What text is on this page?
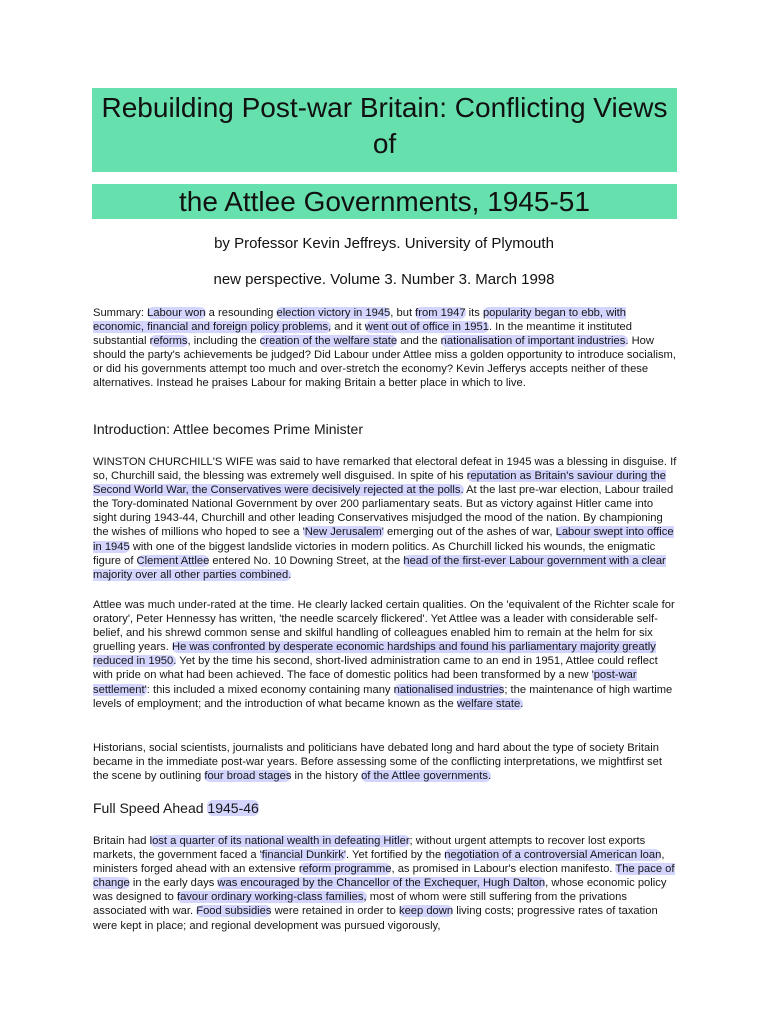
Rebuilding Post-war Britain: Conflicting Views of
the Attlee Governments, 1945-51
by Professor Kevin Jeffreys. University of Plymouth
new perspective. Volume 3. Number 3. March 1998
Summary: Labour won a resounding election victory in 1945, but from 1947 its popularity began to ebb, with economic, financial and foreign policy problems, and it went out of office in 1951. In the meantime it instituted substantial reforms, including the creation of the welfare state and the nationalisation of important industries. How should the party's achievements be judged? Did Labour under Attlee miss a golden opportunity to introduce socialism, or did his governments attempt too much and over-stretch the economy? Kevin Jefferys accepts neither of these alternatives. Instead he praises Labour for making Britain a better place in which to live.
Introduction: Attlee becomes Prime Minister
WINSTON CHURCHILL'S WIFE was said to have remarked that electoral defeat in 1945 was a blessing in disguise. If so, Churchill said, the blessing was extremely well disguised. In spite of his reputation as Britain's saviour during the Second World War, the Conservatives were decisively rejected at the polls. At the last pre-war election, Labour trailed the Tory-dominated National Government by over 200 parliamentary seats. But as victory against Hitler came into sight during 1943-44, Churchill and other leading Conservatives misjudged the mood of the nation. By championing the wishes of millions who hoped to see a 'New Jerusalem' emerging out of the ashes of war, Labour swept into office in 1945 with one of the biggest landslide victories in modern politics. As Churchill licked his wounds, the enigmatic figure of Clement Attlee entered No. 10 Downing Street, at the head of the first-ever Labour government with a clear majority over all other parties combined.
Attlee was much under-rated at the time. He clearly lacked certain qualities. On the 'equivalent of the Richter scale for oratory', Peter Hennessy has written, 'the needle scarcely flickered'. Yet Attlee was a leader with considerable self-belief, and his shrewd common sense and skilful handling of colleagues enabled him to remain at the helm for six gruelling years. He was confronted by desperate economic hardships and found his parliamentary majority greatly reduced in 1950. Yet by the time his second, short-lived administration came to an end in 1951, Attlee could reflect with pride on what had been achieved. The face of domestic politics had been transformed by a new 'post-war settlement': this included a mixed economy containing many nationalised industries; the maintenance of high wartime levels of employment; and the introduction of what became known as the welfare state.
Historians, social scientists, journalists and politicians have debated long and hard about the type of society Britain became in the immediate post-war years. Before assessing some of the conflicting interpretations, we mightfirst set the scene by outlining four broad stages in the history of the Attlee governments.
Full Speed Ahead 1945-46
Britain had lost a quarter of its national wealth in defeating Hitler; without urgent attempts to recover lost exports markets, the government faced a 'financial Dunkirk'. Yet fortified by the negotiation of a controversial American loan, ministers forged ahead with an extensive reform programme, as promised in Labour's election manifesto. The pace of change in the early days was encouraged by the Chancellor of the Exchequer, Hugh Dalton, whose economic policy was designed to favour ordinary working-class families, most of whom were still suffering from the privations associated with war. Food subsidies were retained in order to keep down living costs; progressive rates of taxation were kept in place; and regional development was pursued vigorously,
